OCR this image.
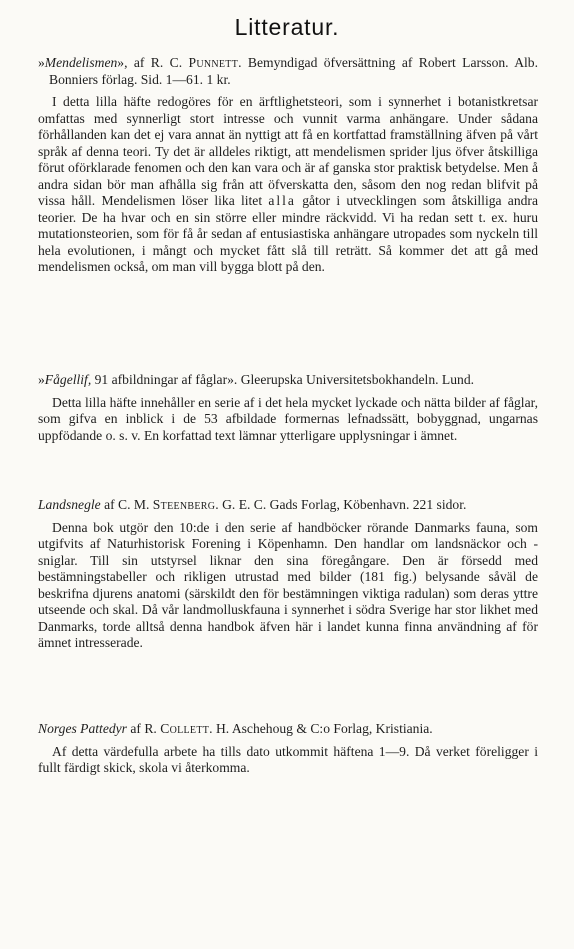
Litteratur.

»Mendelismen», af R. C. Punnett. Bemyndigad öfversättning af Robert Larsson. Alb. Bonniers förlag. Sid. 1—61. 1 kr.

I detta lilla häfte redogöres för en ärftlighetsteori, som i synnerhet i botanistkretsar omfattas med synnerligt stort intresse och vunnit varma anhängare. Under sådana förhållanden kan det ej vara annat än nyttigt att få en kortfattad framställning äfven på vårt språk af denna teori. Ty det är alldeles riktigt, att mendelismen sprider ljus öfver åtskilliga förut oförklarade fenomen och den kan vara och är af ganska stor praktisk betydelse. Men å andra sidan bör man afhålla sig från att öfverskatta den, såsom den nog redan blifvit på vissa håll. Mendelismen löser lika litet alla gåtor i utvecklingen som åtskilliga andra teorier. De ha hvar och en sin större eller mindre räckvidd. Vi ha redan sett t. ex. huru mutationsteorien, som för få år sedan af entusiastiska anhängare utropades som nyckeln till hela evolutionen, i mångt och mycket fått slå till reträtt. Så kommer det att gå med mendelismen också, om man vill bygga blott på den.

»Fågellif, 91 afbildningar af fåglar». Gleerupska Universitetsbokhandeln. Lund.

Detta lilla häfte innehåller en serie af i det hela mycket lyckade och nätta bilder af fåglar, som gifva en inblick i de 53 afbildade formernas lefnadssätt, bobyggnad, ungarnas uppfödande o. s. v. En korfattad text lämnar ytterligare upplysningar i ämnet.

Landsnegle af C. M. Steenberg. G. E. C. Gads Forlag, Köbenhavn. 221 sidor.

Denna bok utgör den 10:de i den serie af handböcker rörande Danmarks fauna, som utgifvits af Naturhistorisk Forening i Köpenhamn. Den handlar om landsnäckor och -sniglar. Till sin utstyrsel liknar den sina föregångare. Den är försedd med bestämningstabeller och rikligen utrustad med bilder (181 fig.) belysande såväl de beskrifna djurens anatomi (särskildt den för bestämningen viktiga radulan) som deras yttre utseende och skal. Då vår landmolluskfauna i synnerhet i södra Sverige har stor likhet med Danmarks, torde alltså denna handbok äfven här i landet kunna finna användning af för ämnet intresserade.

Norges Pattedyr af R. Collett. H. Aschehoug & C:o Forlag, Kristiania.

Af detta värdefulla arbete ha tills dato utkommit häftena 1—9. Då verket föreligger i fullt färdigt skick, skola vi återkomma.
